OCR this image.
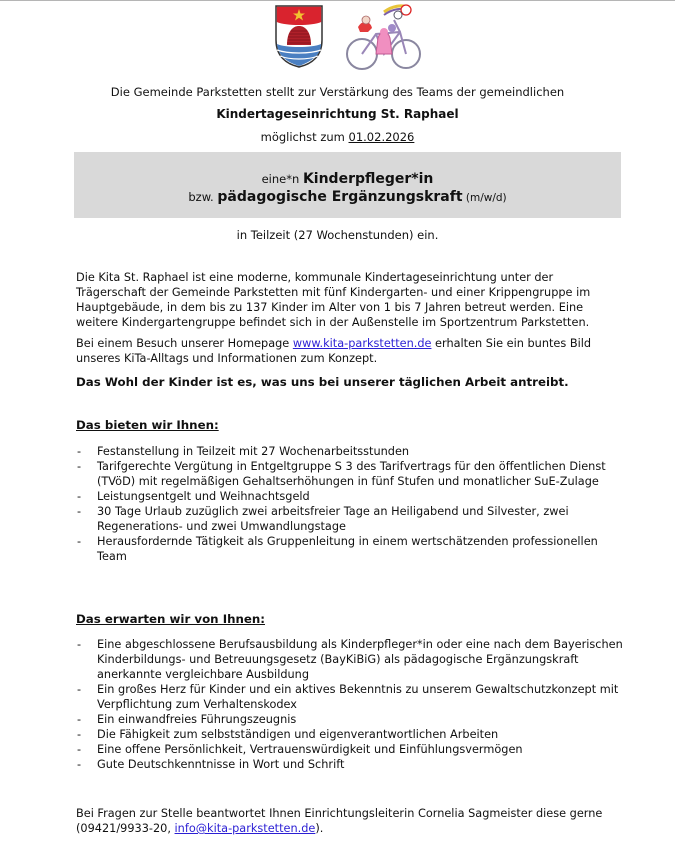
Die Gemeinde Parkstetten stellt zur Verstärkung des Teams der gemeindlichen
Kindertageseinrichtung St. Raphael
möglichst zum 01.02.2026
eine*n Kinderpfleger*in
bzw. pädagogische Ergänzungskraft (m/w/d)
in Teilzeit (27 Wochenstunden) ein.
Die Kita St. Raphael ist eine moderne, kommunale Kindertageseinrichtung unter der Trägerschaft der Gemeinde Parkstetten mit fünf Kindergarten- und einer Krippengruppe im Hauptgebäude, in dem bis zu 137 Kinder im Alter von 1 bis 7 Jahren betreut werden. Eine weitere Kindergartengruppe befindet sich in der Außenstelle im Sportzentrum Parkstetten.
Bei einem Besuch unserer Homepage www.kita-parkstetten.de erhalten Sie ein buntes Bild unseres KiTa-Alltags und Informationen zum Konzept.
Das Wohl der Kinder ist es, was uns bei unserer täglichen Arbeit antreibt.
Das bieten wir Ihnen:
- Festanstellung in Teilzeit mit 27 Wochenarbeitsstunden
- Tarifgerechte Vergütung in Entgeltgruppe S 3 des Tarifvertrags für den öffentlichen Dienst (TVöD) mit regelmäßigen Gehaltserhöhungen in fünf Stufen und monatlicher SuE-Zulage
- Leistungsentgelt und Weihnachtsgeld
- 30 Tage Urlaub zuzüglich zwei arbeitsfreier Tage an Heiligabend und Silvester, zwei Regenerations- und zwei Umwandlungstage
- Herausfordernde Tätigkeit als Gruppenleitung in einem wertschätzenden professionellen Team
Das erwarten wir von Ihnen:
- Eine abgeschlossene Berufsausbildung als Kinderpfleger*in oder eine nach dem Bayerischen Kinderbildungs- und Betreuungsgesetz (BayKiBiG) als pädagogische Ergänzungskraft anerkannte vergleichbare Ausbildung
- Ein großes Herz für Kinder und ein aktives Bekenntnis zu unserem Gewaltschutzkonzept mit Verpflichtung zum Verhaltenskodex
- Ein einwandfreies Führungszeugnis
- Die Fähigkeit zum selbstständigen und eigenverantwortlichen Arbeiten
- Eine offene Persönlichkeit, Vertrauenswürdigkeit und Einfühlungsvermögen
- Gute Deutschkenntnisse in Wort und Schrift
Bei Fragen zur Stelle beantwortet Ihnen Einrichtungsleiterin Cornelia Sagmeister diese gerne (09421/9933-20, info@kita-parkstetten.de).
